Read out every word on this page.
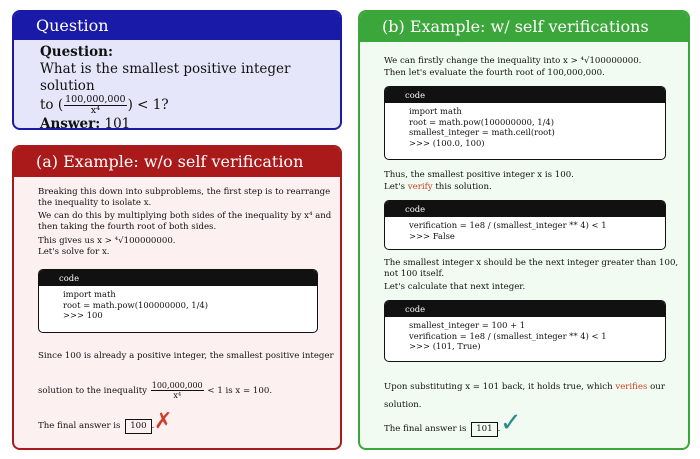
Question
Question:
What is the smallest positive integer solution
to ( $\frac{100,000,000}{\text{x⁴}}$ ) < 1?
Answer: 101
(a) Example: w/o self verification
Breaking this down into subproblems, the first step is to rearrange
the inequality to isolate x.
We can do this by multiplying both sides of the inequality by x⁴ and
then taking the fourth root of both sides.
This gives us x > ⁴√100000000.
Let's solve for x.
code
import math
root = math.pow(100000000, 1/4)
>>> 100
Since 100 is already a positive integer, the smallest positive integer
solution to the inequality $\frac{100,000,000}{\text{x⁴}} < 1$ is x = 100.
The final answer is 100 . ✗
(b) Example: w/ self verifications
We can firstly change the inequality into x > ⁴√100000000.
Then let's evaluate the fourth root of 100,000,000.
code
import math
root = math.pow(100000000, 1/4)
smallest_integer = math.ceil(root)
>>> (100.0, 100)
Thus, the smallest positive integer x is 100.
Let's verify this solution.
code
verification = 1e8 / (smallest_integer ** 4) < 1
>>> False
The smallest integer x should be the next integer greater than 100,
not 100 itself.
Let's calculate that next integer.
code
smallest_integer = 100 + 1
verification = 1e8 / (smallest_integer ** 4) < 1
>>> (101, True)
Upon substituting x = 101 back, it holds true, which verifies our
solution.
The final answer is 101 . ✓
